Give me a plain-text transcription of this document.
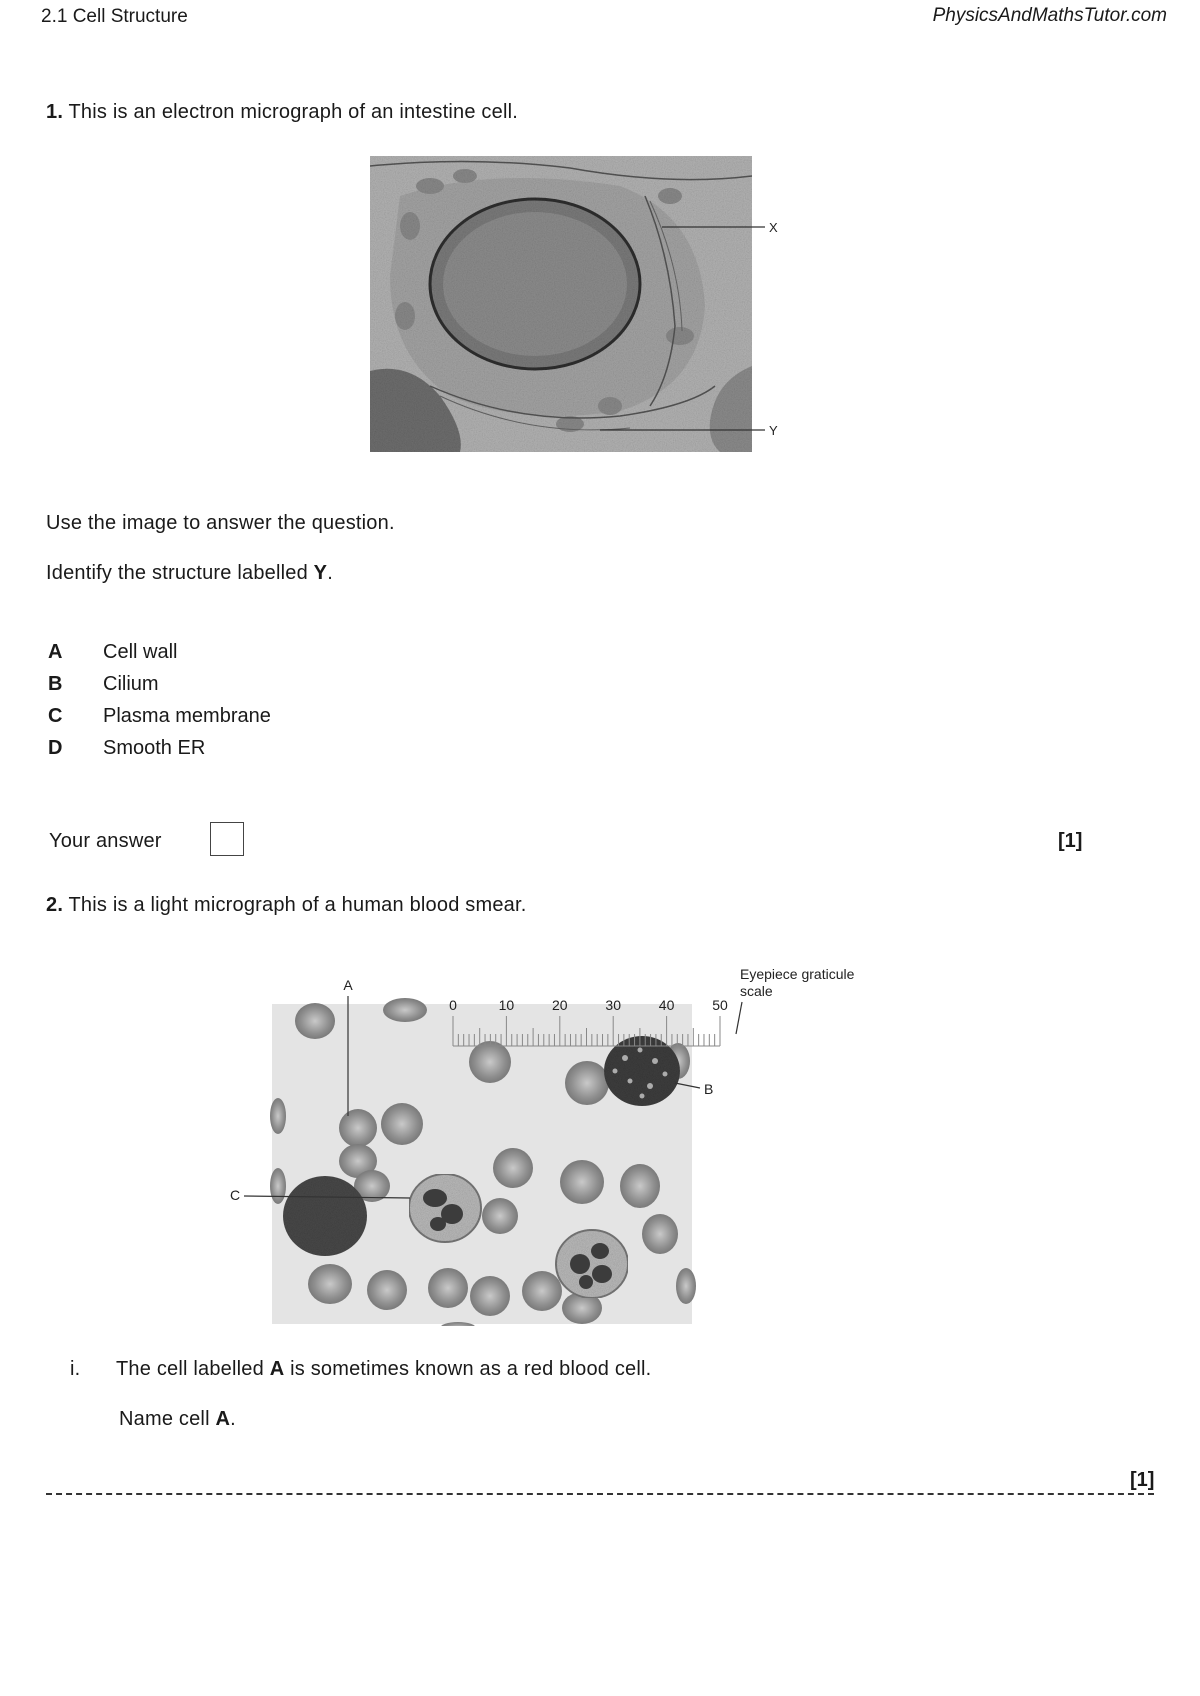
2.1 Cell Structure	PhysicsAndMathsTutor.com
1. This is an electron micrograph of an intestine cell.
X
Y
Use the image to answer the question.
Identify the structure labelled Y.
A Cell wall
B Cilium
C Plasma membrane
D Smooth ER
Your answer	[1]
2. This is a light micrograph of a human blood smear.
0	10	20	30	40	50
Eyepiece graticule
scale
A
B
C
i. The cell labelled A is sometimes known as a red blood cell.
Name cell A.
[1]
